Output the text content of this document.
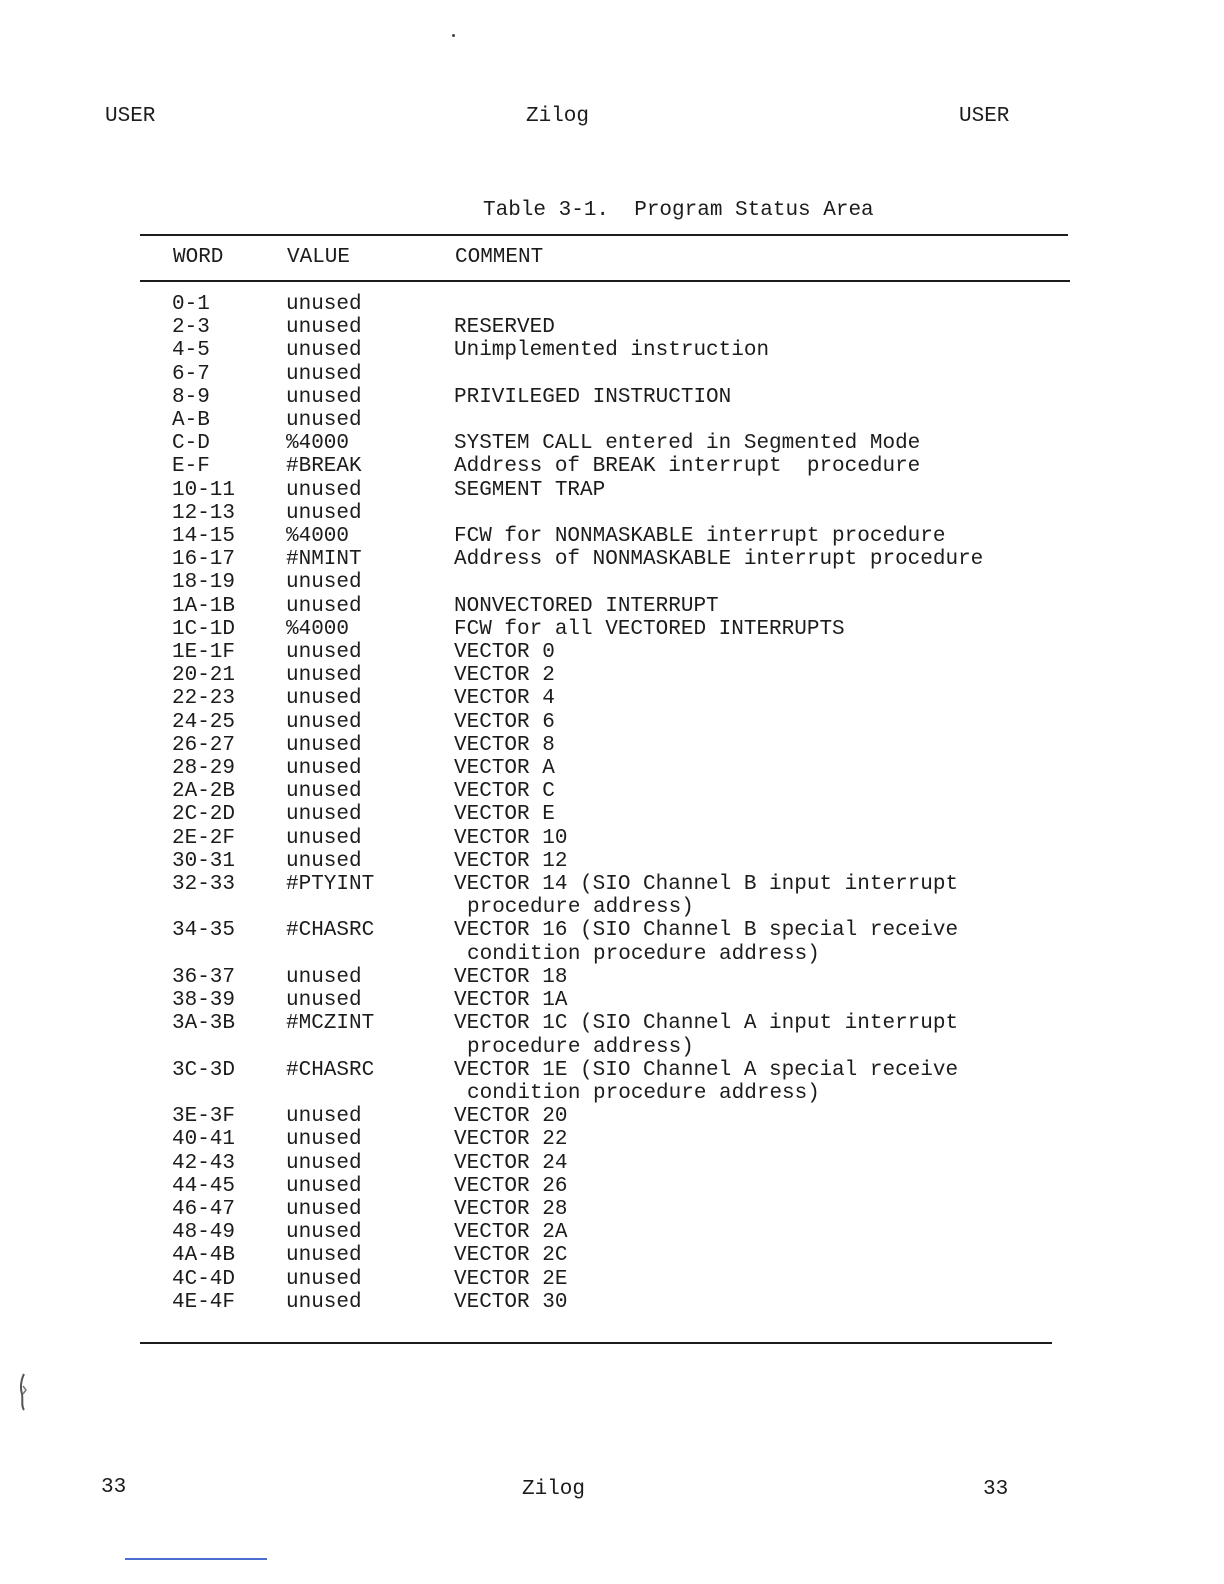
USER	Zilog	USER
Table 3-1.  Program Status Area
WORD	VALUE	COMMENT
0-1	unused
2-3	unused	RESERVED
4-5	unused	Unimplemented instruction
6-7	unused
8-9	unused	PRIVILEGED INSTRUCTION
A-B	unused
C-D	%4000	SYSTEM CALL entered in Segmented Mode
E-F	#BREAK	Address of BREAK interrupt  procedure
10-11	unused	SEGMENT TRAP
12-13	unused
14-15	%4000	FCW for NONMASKABLE interrupt procedure
16-17	#NMINT	Address of NONMASKABLE interrupt procedure
18-19	unused
1A-1B	unused	NONVECTORED INTERRUPT
1C-1D	%4000	FCW for all VECTORED INTERRUPTS
1E-1F	unused	VECTOR 0
20-21	unused	VECTOR 2
22-23	unused	VECTOR 4
24-25	unused	VECTOR 6
26-27	unused	VECTOR 8
28-29	unused	VECTOR A
2A-2B	unused	VECTOR C
2C-2D	unused	VECTOR E
2E-2F	unused	VECTOR 10
30-31	unused	VECTOR 12
32-33	#PTYINT	VECTOR 14 (SIO Channel B input interrupt
procedure address)
34-35	#CHASRC	VECTOR 16 (SIO Channel B special receive
condition procedure address)
36-37	unused	VECTOR 18
38-39	unused	VECTOR 1A
3A-3B	#MCZINT	VECTOR 1C (SIO Channel A input interrupt
procedure address)
3C-3D	#CHASRC	VECTOR 1E (SIO Channel A special receive
condition procedure address)
3E-3F	unused	VECTOR 20
40-41	unused	VECTOR 22
42-43	unused	VECTOR 24
44-45	unused	VECTOR 26
46-47	unused	VECTOR 28
48-49	unused	VECTOR 2A
4A-4B	unused	VECTOR 2C
4C-4D	unused	VECTOR 2E
4E-4F	unused	VECTOR 30
33	Zilog	33
